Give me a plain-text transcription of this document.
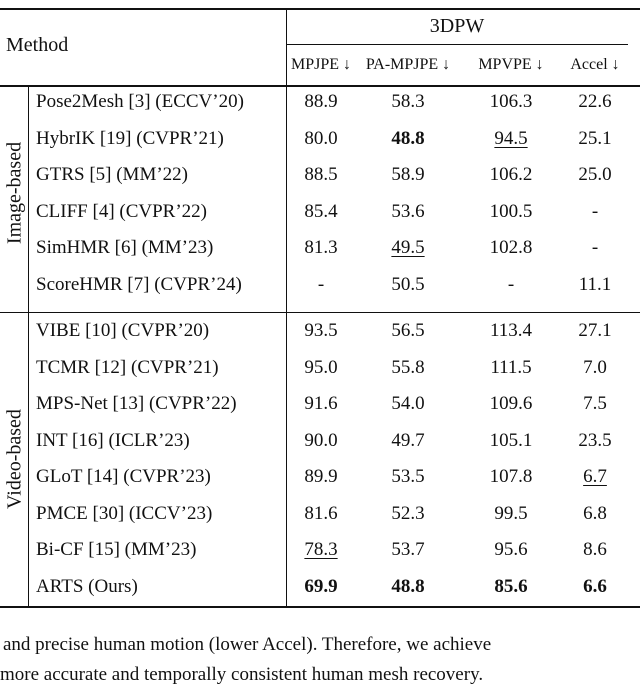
Method
3DPW
MPJPE ↓ PA-MPJPE ↓ MPVPE ↓ Accel ↓
Pose2Mesh [3] (ECCV’20)	88.9	58.3	106.3	22.6
HybrIK [19] (CVPR’21)	80.0	48.8	94.5	25.1
GTRS [5] (MM’22)	88.5	58.9	106.2	25.0
CLIFF [4] (CVPR’22)	85.4	53.6	100.5	-
SimHMR [6] (MM’23)	81.3	49.5	102.8	-
ScoreHMR [7] (CVPR’24)	-	50.5	-	11.1
Image-based
VIBE [10] (CVPR’20)	93.5	56.5	113.4	27.1
TCMR [12] (CVPR’21)	95.0	55.8	111.5	7.0
MPS-Net [13] (CVPR’22)	91.6	54.0	109.6	7.5
INT [16] (ICLR’23)	90.0	49.7	105.1	23.5
GLoT [14] (CVPR’23)	89.9	53.5	107.8	6.7
PMCE [30] (ICCV’23)	81.6	52.3	99.5	6.8
Bi-CF [15] (MM’23)	78.3	53.7	95.6	8.6
ARTS (Ours)	69.9	48.8	85.6	6.6
Video-based
and precise human motion (lower Accel). Therefore, we achieve
more accurate and temporally consistent human mesh recovery.
